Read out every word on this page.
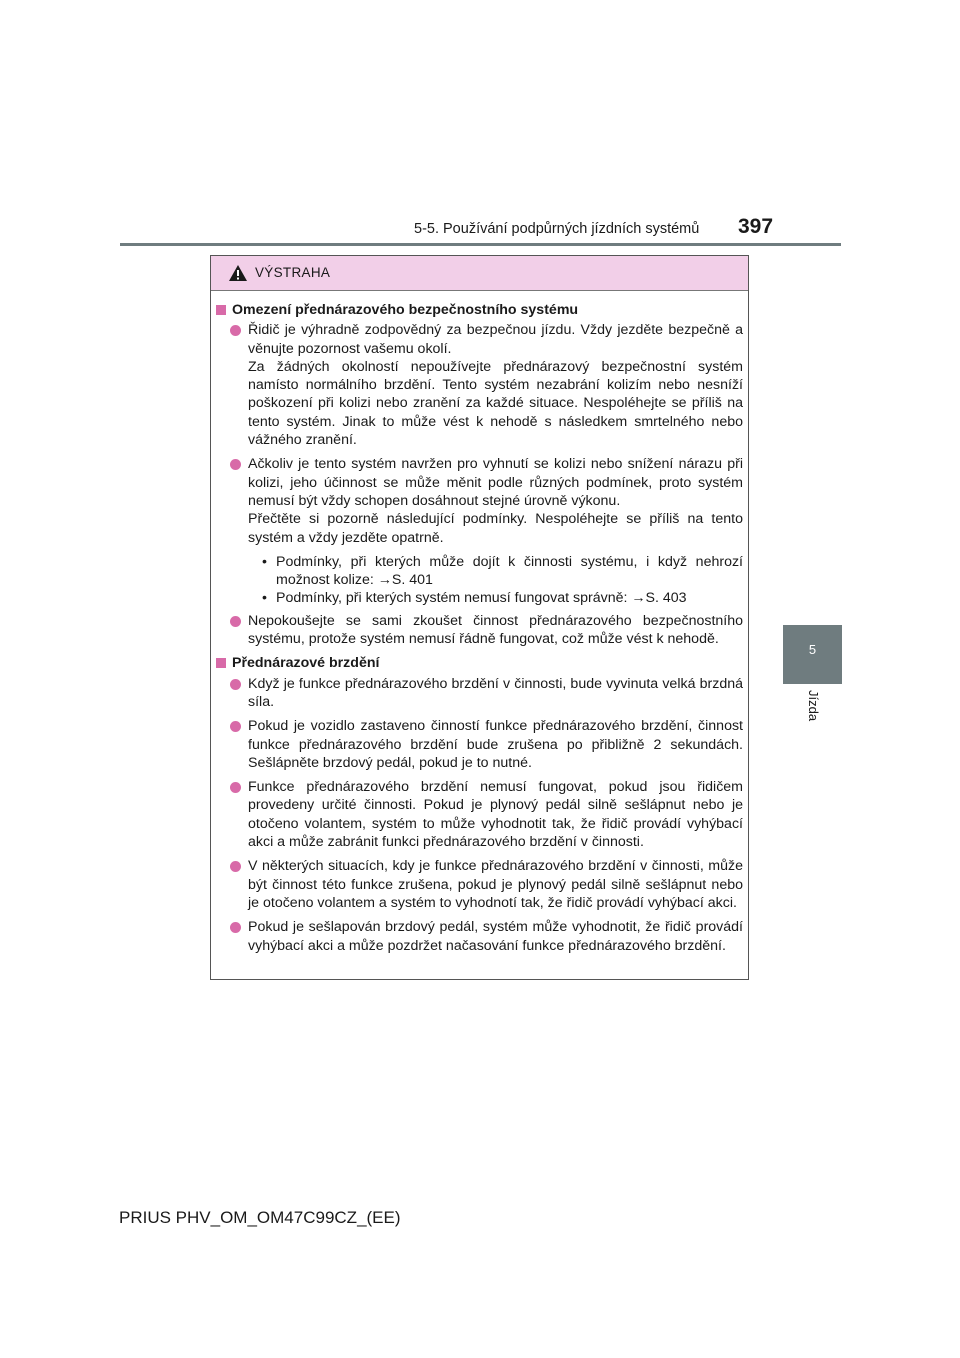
5-5. Používání podpůrných jízdních systémů 397
5
Jízda
VÝSTRAHA
Omezení přednárazového bezpečnostního systému

Řidič je výhradně zodpovědný za bezpečnou jízdu. Vždy jezděte bezpečně a věnujte pozornost vašemu okolí.

Za žádných okolností nepoužívejte přednárazový bezpečnostní systém namísto normálního brzdění. Tento systém nezabrání kolizím nebo nesníží poškození při kolizi nebo zranění za každé situace. Nespoléhejte se příliš na tento systém. Jinak to může vést k nehodě s následkem smrtelného nebo vážného zranění.

Ačkoliv je tento systém navržen pro vyhnutí se kolizi nebo snížení nárazu při kolizi, jeho účinnost se může měnit podle různých podmínek, proto systém nemusí být vždy schopen dosáhnout stejné úrovně výkonu.

Přečtěte si pozorně následující podmínky. Nespoléhejte se příliš na tento systém a vždy jezděte opatrně.

• Podmínky, při kterých může dojít k činnosti systému, i když nehrozí možnost kolize: →S. 401

• Podmínky, při kterých systém nemusí fungovat správně: →S. 403

Nepokoušejte se sami zkoušet činnost přednárazového bezpečnostního systému, protože systém nemusí řádně fungovat, což může vést k nehodě.

Přednárazové brzdění

Když je funkce přednárazového brzdění v činnosti, bude vyvinuta velká brzdná síla.

Pokud je vozidlo zastaveno činností funkce přednárazového brzdění, činnost funkce přednárazového brzdění bude zrušena po přibližně 2 sekundách. Sešlápněte brzdový pedál, pokud je to nutné.

Funkce přednárazového brzdění nemusí fungovat, pokud jsou řidičem provedeny určité činnosti. Pokud je plynový pedál silně sešlápnut nebo je otočeno volantem, systém to může vyhodnotit tak, že řidič provádí vyhýbací akci a může zabránit funkci přednárazového brzdění v činnosti.

V některých situacích, kdy je funkce přednárazového brzdění v činnosti, může být činnost této funkce zrušena, pokud je plynový pedál silně sešlápnut nebo je otočeno volantem a systém to vyhodnotí tak, že řidič provádí vyhýbací akci.

Pokud je sešlapován brzdový pedál, systém může vyhodnotit, že řidič provádí vyhýbací akci a může pozdržet načasování funkce přednárazového brzdění.

PRIUS PHV_OM_OM47C99CZ_(EE)
